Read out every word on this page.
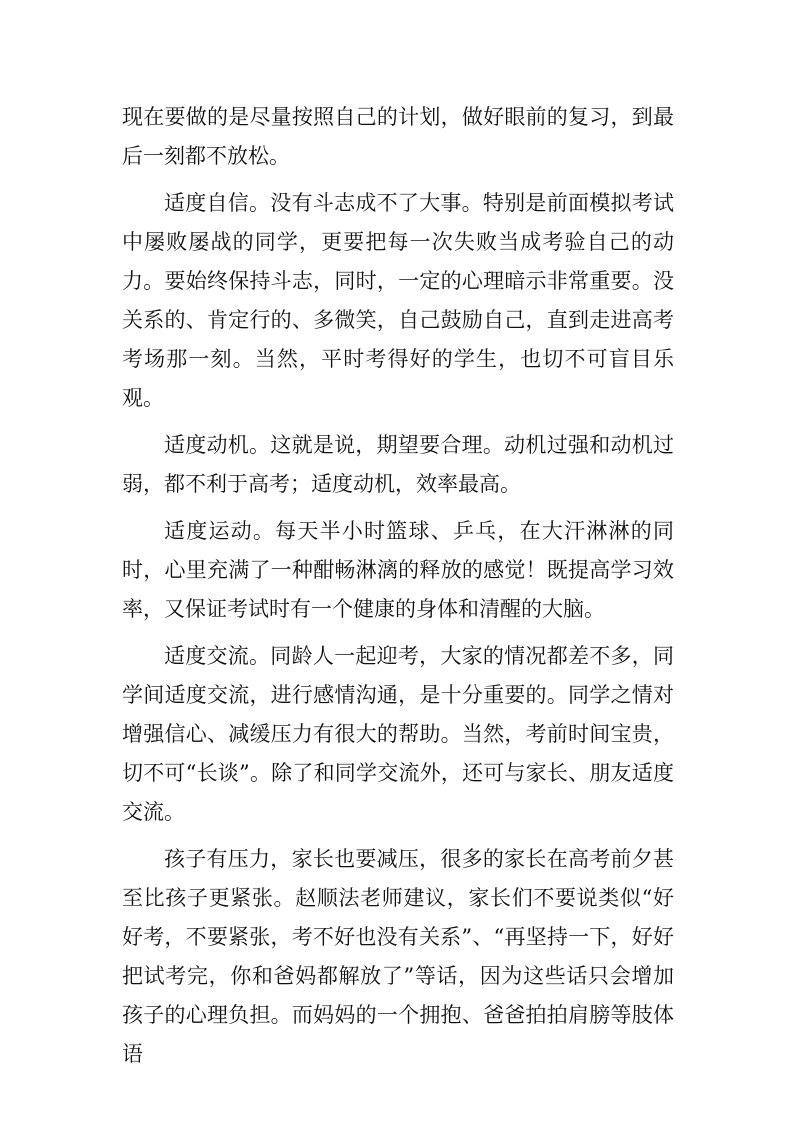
现在要做的是尽量按照自己的计划，做好眼前的复习，到最后一刻都不放松。

适度自信。没有斗志成不了大事。特别是前面模拟考试中屡败屡战的同学，更要把每一次失败当成考验自己的动力。要始终保持斗志，同时，一定的心理暗示非常重要。没关系的、肯定行的、多微笑，自己鼓励自己，直到走进高考考场那一刻。当然，平时考得好的学生，也切不可盲目乐观。

适度动机。这就是说，期望要合理。动机过强和动机过弱，都不利于高考；适度动机，效率最高。

适度运动。每天半小时篮球、乒乓，在大汗淋淋的同时，心里充满了一种酣畅淋漓的释放的感觉！既提高学习效率，又保证考试时有一个健康的身体和清醒的大脑。

适度交流。同龄人一起迎考，大家的情况都差不多，同学间适度交流，进行感情沟通，是十分重要的。同学之情对增强信心、减缓压力有很大的帮助。当然，考前时间宝贵，切不可“长谈”。除了和同学交流外，还可与家长、朋友适度交流。

孩子有压力，家长也要减压，很多的家长在高考前夕甚至比孩子更紧张。赵顺法老师建议，家长们不要说类似“好好考，不要紧张，考不好也没有关系”、“再坚持一下，好好把试考完，你和爸妈都解放了”等话，因为这些话只会增加孩子的心理负担。而妈妈的一个拥抱、爸爸拍拍肩膀等肢体语
